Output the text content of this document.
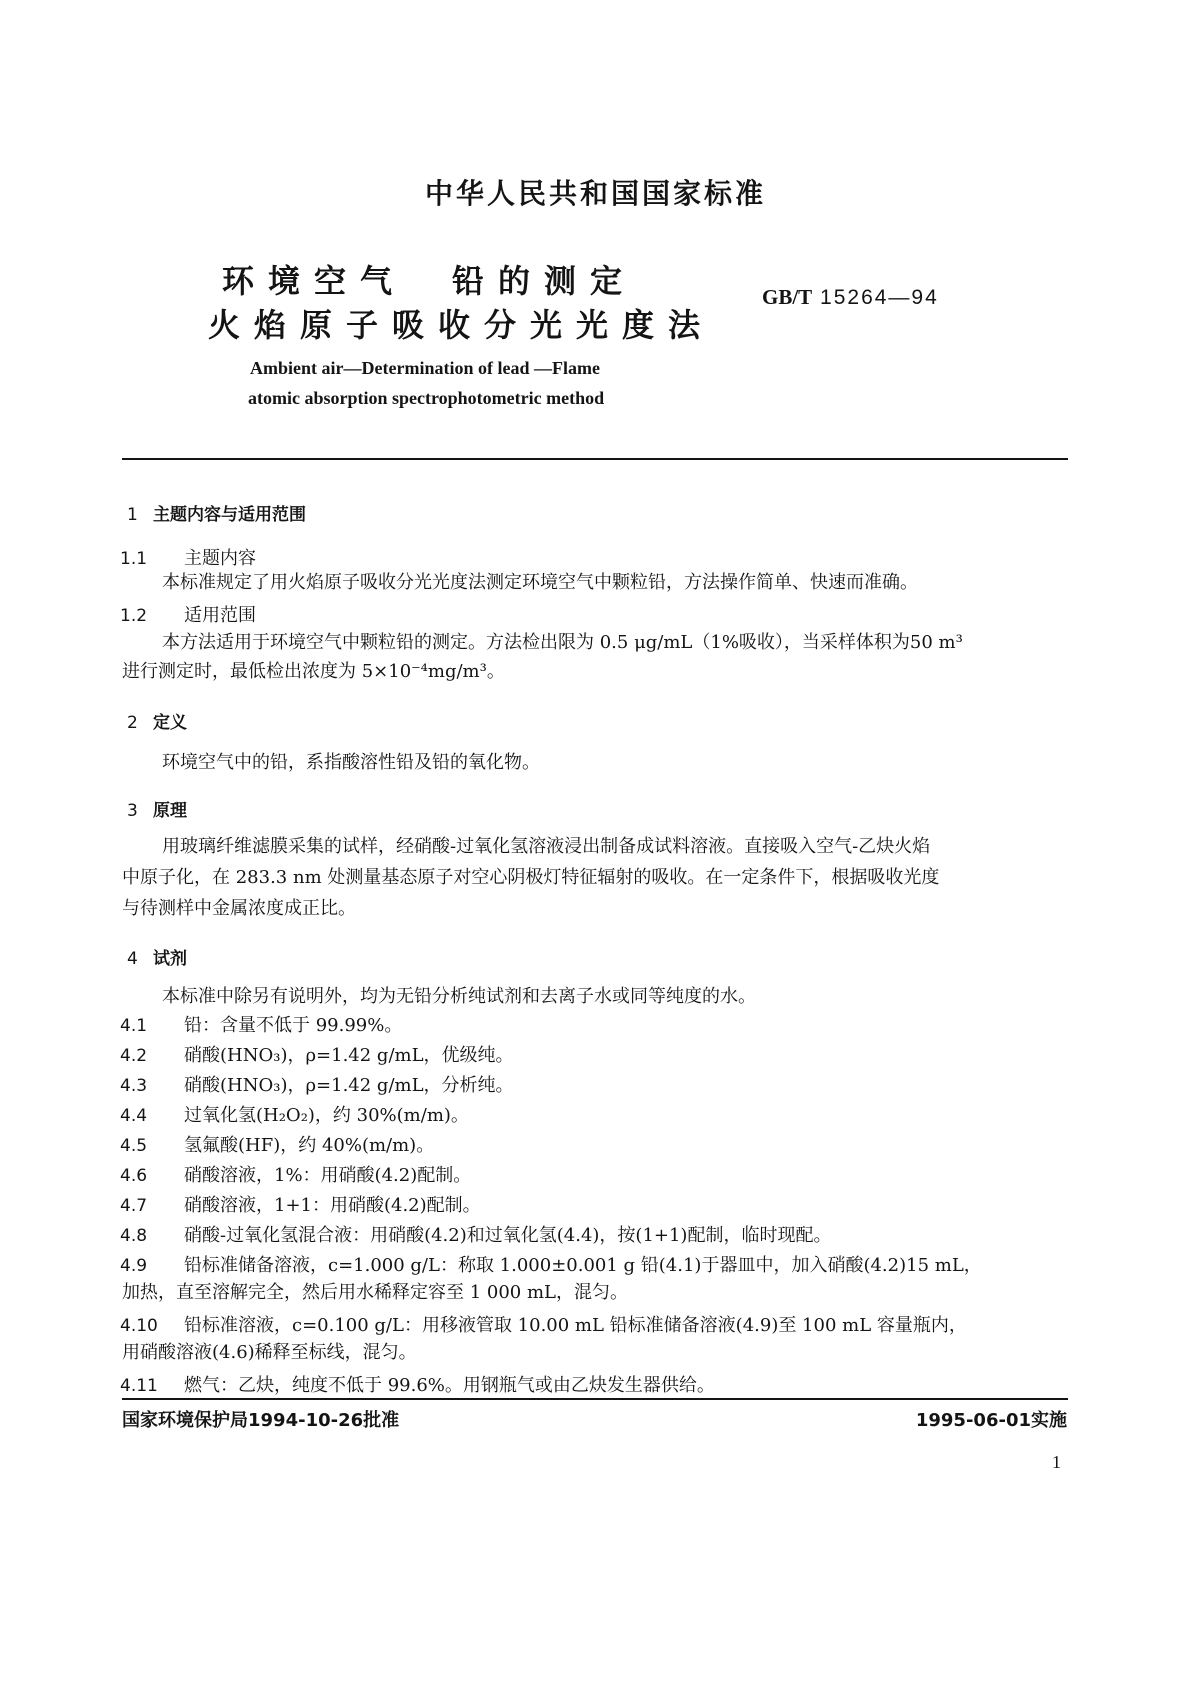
中华人民共和国国家标准
环境空气　铅的测定
火焰原子吸收分光光度法
GB/T 15264—94
Ambient air—Determination of lead —Flame
atomic absorption spectrophotometric method
1 主题内容与适用范围
1.1 主题内容
本标准规定了用火焰原子吸收分光光度法测定环境空气中颗粒铅，方法操作简单、快速而准确。
1.2 适用范围
本方法适用于环境空气中颗粒铅的测定。方法检出限为 0.5 μg/mL（1%吸收），当采样体积为50 m³
进行测定时，最低检出浓度为 5×10⁻⁴mg/m³。
2 定义
环境空气中的铅，系指酸溶性铅及铅的氧化物。
3 原理
用玻璃纤维滤膜采集的试样，经硝酸-过氧化氢溶液浸出制备成试料溶液。直接吸入空气-乙炔火焰
中原子化，在 283.3 nm 处测量基态原子对空心阴极灯特征辐射的吸收。在一定条件下，根据吸收光度
与待测样中金属浓度成正比。
4 试剂
本标准中除另有说明外，均为无铅分析纯试剂和去离子水或同等纯度的水。
4.1 铅：含量不低于 99.99%。
4.2 硝酸(HNO₃)，ρ=1.42 g/mL，优级纯。
4.3 硝酸(HNO₃)，ρ=1.42 g/mL，分析纯。
4.4 过氧化氢(H₂O₂)，约 30%(m/m)。
4.5 氢氟酸(HF)，约 40%(m/m)。
4.6 硝酸溶液，1%：用硝酸(4.2)配制。
4.7 硝酸溶液，1+1：用硝酸(4.2)配制。
4.8 硝酸-过氧化氢混合液：用硝酸(4.2)和过氧化氢(4.4)，按(1+1)配制，临时现配。
4.9 铅标准储备溶液，c=1.000 g/L：称取 1.000±0.001 g 铅(4.1)于器皿中，加入硝酸(4.2)15 mL，
加热，直至溶解完全，然后用水稀释定容至 1 000 mL，混匀。
4.10 铅标准溶液，c=0.100 g/L：用移液管取 10.00 mL 铅标准储备溶液(4.9)至 100 mL 容量瓶内，
用硝酸溶液(4.6)稀释至标线，混匀。
4.11 燃气：乙炔，纯度不低于 99.6%。用钢瓶气或由乙炔发生器供给。
国家环境保护局1994-10-26批准	1995-06-01实施
1
